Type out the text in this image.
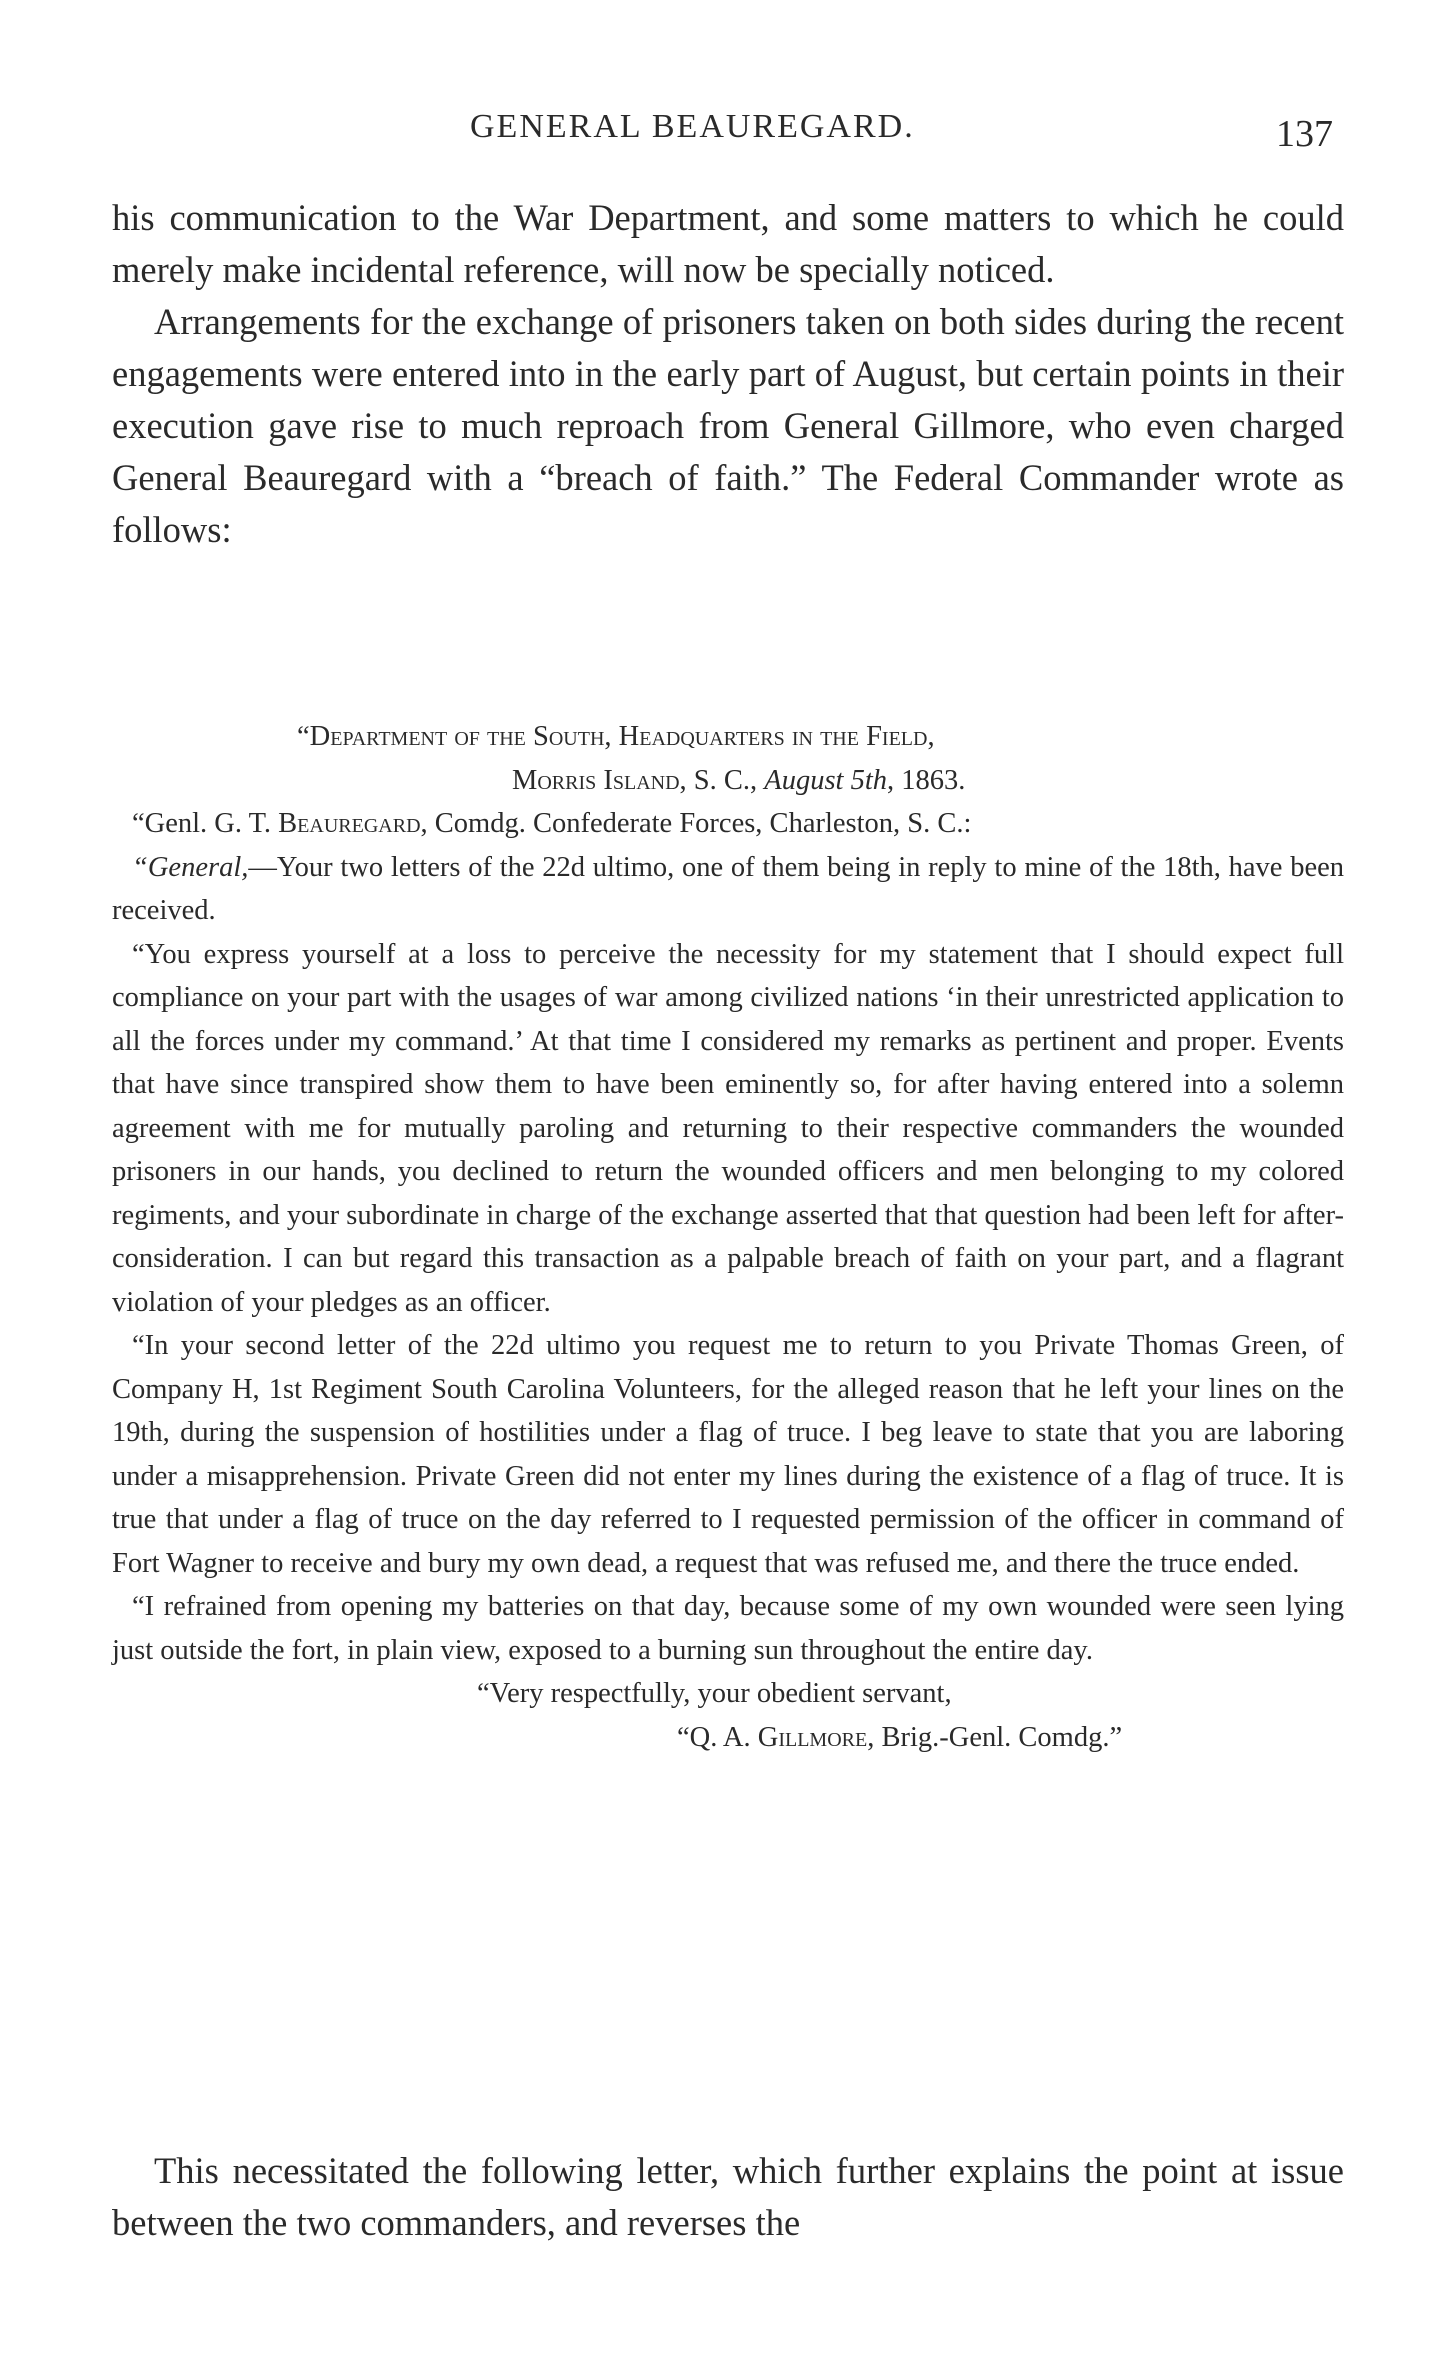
GENERAL BEAUREGARD.	137

his communication to the War Department, and some matters to which he could merely make incidental reference, will now be specially noticed.

Arrangements for the exchange of prisoners taken on both sides during the recent engagements were entered into in the early part of August, but certain points in their execution gave rise to much reproach from General Gillmore, who even charged General Beauregard with a “breach of faith.” The Federal Commander wrote as follows:

“Department of the South, Headquarters in the Field,

Morris Island, S. C., August 5th, 1863.

“Genl. G. T. Beauregard, Comdg. Confederate Forces, Charleston, S. C.:

“General,—Your two letters of the 22d ultimo, one of them being in reply to mine of the 18th, have been received.

“You express yourself at a loss to perceive the necessity for my statement that I should expect full compliance on your part with the usages of war among civilized nations ‘in their unrestricted application to all the forces under my command.’ At that time I considered my remarks as pertinent and proper. Events that have since transpired show them to have been eminently so, for after having entered into a solemn agreement with me for mutually paroling and returning to their respective commanders the wounded prisoners in our hands, you declined to return the wounded officers and men belonging to my colored regiments, and your subordinate in charge of the exchange asserted that that question had been left for after-consideration. I can but regard this transaction as a palpable breach of faith on your part, and a flagrant violation of your pledges as an officer.

“In your second letter of the 22d ultimo you request me to return to you Private Thomas Green, of Company H, 1st Regiment South Carolina Volunteers, for the alleged reason that he left your lines on the 19th, during the suspension of hostilities under a flag of truce. I beg leave to state that you are laboring under a misapprehension. Private Green did not enter my lines during the existence of a flag of truce. It is true that under a flag of truce on the day referred to I requested permission of the officer in command of Fort Wagner to receive and bury my own dead, a request that was refused me, and there the truce ended.

“I refrained from opening my batteries on that day, because some of my own wounded were seen lying just outside the fort, in plain view, exposed to a burning sun throughout the entire day.

“Very respectfully, your obedient servant,

“Q. A. Gillmore, Brig.-Genl. Comdg.”

This necessitated the following letter, which further explains the point at issue between the two commanders, and reverses the
